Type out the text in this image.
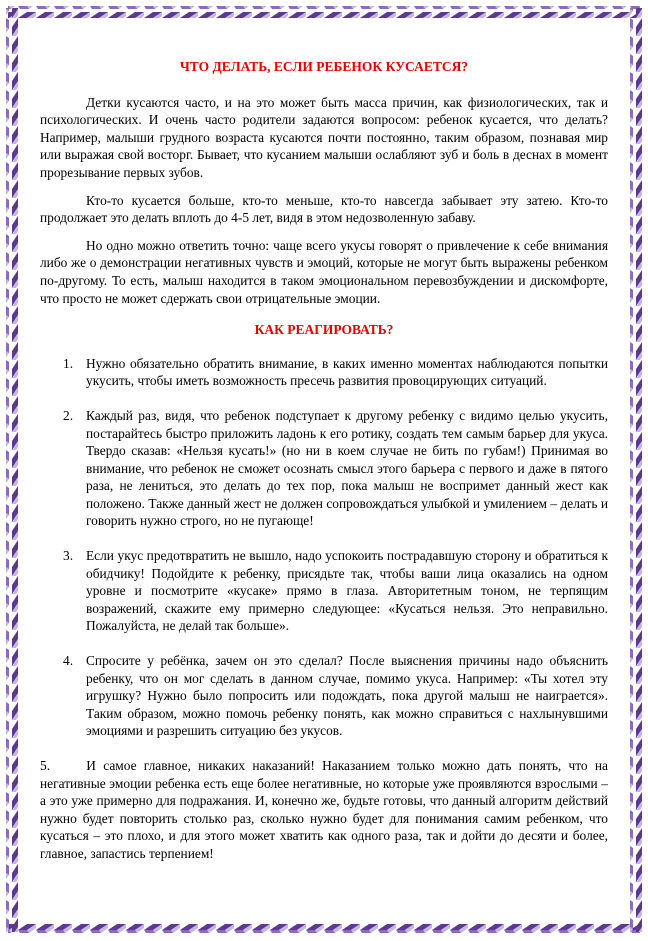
ЧТО ДЕЛАТЬ, ЕСЛИ РЕБЕНОК КУСАЕТСЯ?

Детки кусаются часто, и на это может быть масса причин, как физиологических, так и психологических. И очень часто родители задаются вопросом: ребенок кусается, что делать? Например, малыши грудного возраста кусаются почти постоянно, таким образом, познавая мир или выражая свой восторг. Бывает, что кусанием малыши ослабляют зуб и боль в деснах в момент прорезывание первых зубов.

Кто-то кусается больше, кто-то меньше, кто-то навсегда забывает эту затею. Кто-то продолжает это делать вплоть до 4-5 лет, видя в этом недозволенную забаву.

Но одно можно ответить точно: чаще всего укусы говорят о привлечение к себе внимания либо же о демонстрации негативных чувств и эмоций, которые не могут быть выражены ребенком по-другому. То есть, малыш находится в таком эмоциональном перевозбуждении и дискомфорте, что просто не может сдержать свои отрицательные эмоции.

КАК РЕАГИРОВАТЬ?
1. Нужно обязательно обратить внимание, в каких именно моментах наблюдаются попытки укусить, чтобы иметь возможность пресечь развития провоцирующих ситуаций.
2. Каждый раз, видя, что ребенок подступает к другому ребенку с видимо целью укусить, постарайтесь быстро приложить ладонь к его ротику, создать тем самым барьер для укуса. Твердо сказав: «Нельзя кусать!» (но ни в коем случае не бить по губам!) Принимая во внимание, что ребенок не сможет осознать смысл этого барьера с первого и даже в пятого раза, не лениться, это делать до тех пор, пока малыш не воспримет данный жест как положено. Также данный жест не должен сопровождаться улыбкой и умилением – делать и говорить нужно строго, но не пугающе!
3. Если укус предотвратить не вышло, надо успокоить пострадавшую сторону и обратиться к обидчику! Подойдите к ребенку, присядьте так, чтобы ваши лица оказались на одном уровне и посмотрите «кусаке» прямо в глаза. Авторитетным тоном, не терпящим возражений, скажите ему примерно следующее: «Кусаться нельзя. Это неправильно. Пожалуйста, не делай так больше».
4. Спросите у ребёнка, зачем он это сделал? После выяснения причины надо объяснить ребенку, что он мог сделать в данном случае, помимо укуса. Например: «Ты хотел эту игрушку? Нужно было попросить или подождать, пока другой малыш не наиграется». Таким образом, можно помочь ребенку понять, как можно справиться с нахлынувшими эмоциями и разрешить ситуацию без укусов.
5.	И самое главное, никаких наказаний! Наказанием только можно дать понять, что на негативные эмоции ребенка есть еще более негативные, но которые уже проявляются взрослыми – а это уже примерно для подражания. И, конечно же, будьте готовы, что данный алгоритм действий нужно будет повторить столько раз, сколько нужно будет для понимания самим ребенком, что кусаться – это плохо, и для этого может хватить как одного раза, так и дойти до десяти и более, главное, запастись терпением!
